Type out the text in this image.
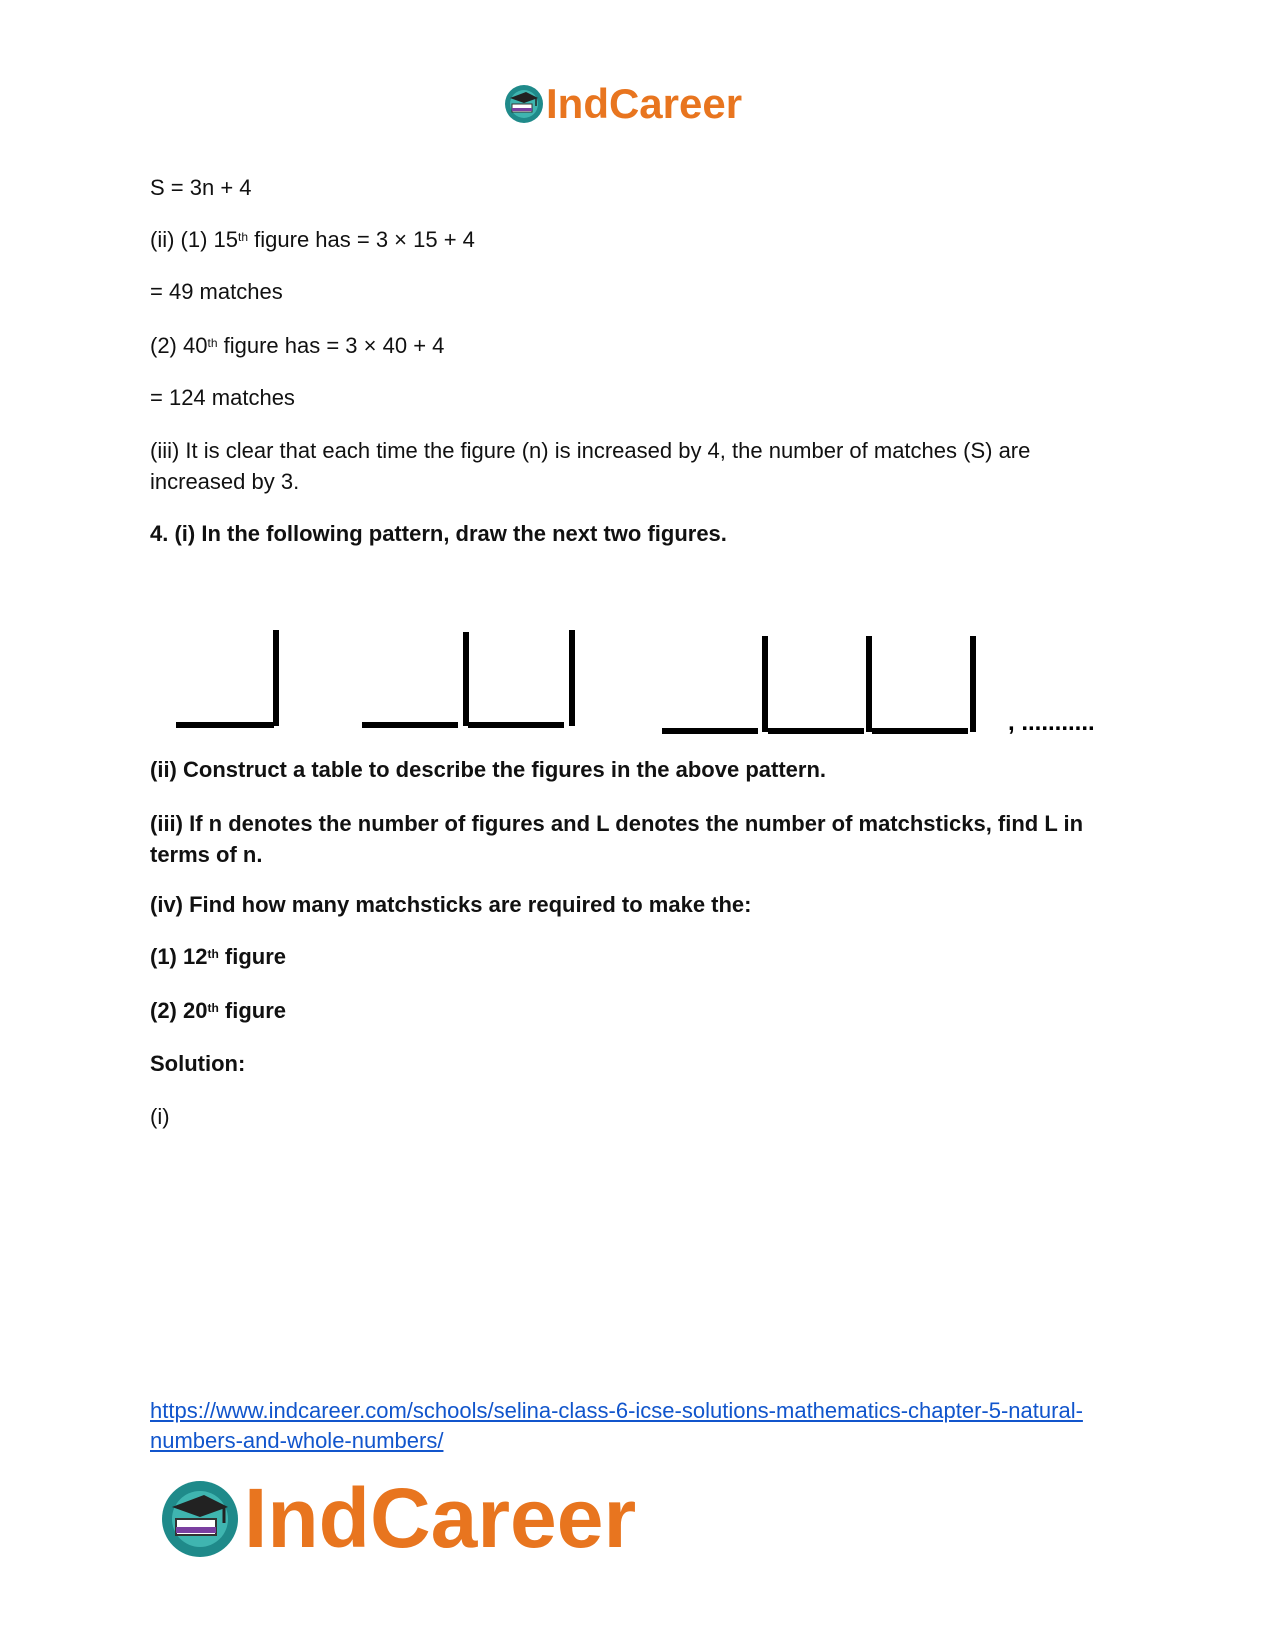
IndCareer
S = 3n + 4
(ii) (1) 15th figure has = 3 × 15 + 4
= 49 matches
(2) 40th figure has = 3 × 40 + 4
= 124 matches
(iii) It is clear that each time the figure (n) is increased by 4, the number of matches (S) are increased by 3.
4. (i) In the following pattern, draw the next two figures.
(ii) Construct a table to describe the figures in the above pattern.
(iii) If n denotes the number of figures and L denotes the number of matchsticks, find L in terms of n.
(iv) Find how many matchsticks are required to make the:
(1) 12th figure
(2) 20th figure
Solution:
(i)
, ...........
https://www.indcareer.com/schools/selina-class-6-icse-solutions-mathematics-chapter-5-natural-numbers-and-whole-numbers/
IndCareer
